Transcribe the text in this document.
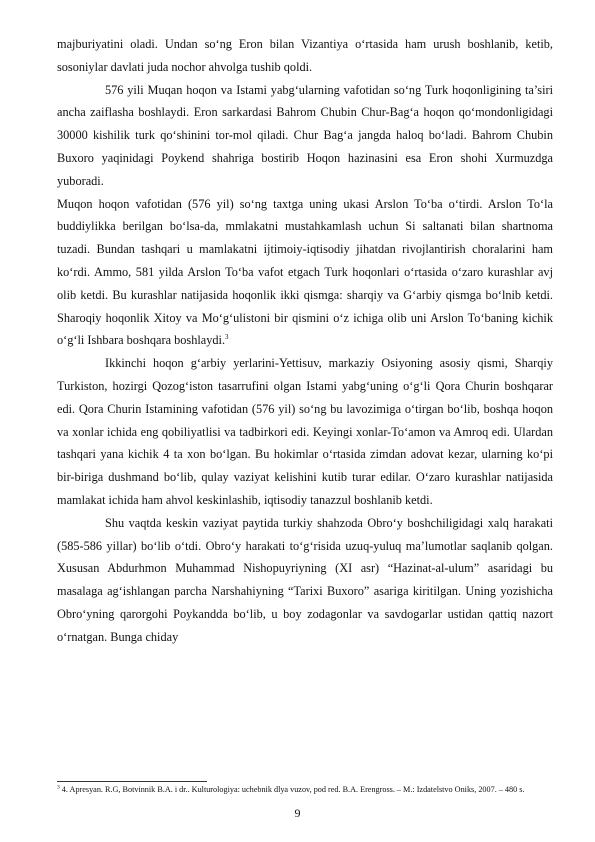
majburiyatini oladi. Undan so‘ng Eron bilan Vizantiya o‘rtasida ham urush boshlanib, ketib, sosoniylar davlati juda nochor ahvolga tushib qoldi.

576 yili Muqan hoqon va Istami yabg‘ularning vafotidan so‘ng Turk hoqonligining ta’siri ancha zaiflasha boshlaydi. Eron sarkardasi Bahrom Chubin Chur-Bag‘a hoqon qo‘mondonligidagi 30000 kishilik turk qo‘shinini tor-mol qiladi. Chur Bag‘a jangda haloq bo‘ladi. Bahrom Chubin Buxoro yaqinidagi Poykend shahriga bostirib Hoqon hazinasini esa Eron shohi Xurmuzdga yuboradi.

Muqon hoqon vafotidan (576 yil) so‘ng taxtga uning ukasi Arslon To‘ba o‘tirdi. Arslon To‘la buddiylikka berilgan bo‘lsa-da, mmlakatni mustahkamlash uchun Si saltanati bilan shartnoma tuzadi. Bundan tashqari u mamlakatni ijtimoiy-iqtisodiy jihatdan rivojlantirish choralarini ham ko‘rdi. Ammo, 581 yilda Arslon To‘ba vafot etgach Turk hoqonlari o‘rtasida o‘zaro kurashlar avj olib ketdi. Bu kurashlar natijasida hoqonlik ikki qismga: sharqiy va G‘arbiy qismga bo‘lnib ketdi. Sharoqiy hoqonlik Xitoy va Mo‘g‘ulistoni bir qismini o‘z ichiga olib uni Arslon To‘baning kichik o‘g‘li Ishbara boshqara boshlaydi.$^3$

Ikkinchi hoqon g‘arbiy yerlarini-Yettisuv, markaziy Osiyoning asosiy qismi, Sharqiy Turkiston, hozirgi Qozog‘iston tasarrufini olgan Istami yabg‘uning o‘g‘li Qora Churin boshqarar edi. Qora Churin Istamining vafotidan (576 yil) so‘ng bu lavozimiga o‘tirgan bo‘lib, boshqa hoqon va xonlar ichida eng qobiliyatlisi va tadbirkori edi. Keyingi xonlar-To‘amon va Amroq edi. Ulardan tashqari yana kichik 4 ta xon bo‘lgan. Bu hokimlar o‘rtasida zimdan adovat kezar, ularning ko‘pi bir-biriga dushmand bo‘lib, qulay vaziyat kelishini kutib turar edilar. O‘zaro kurashlar natijasida mamlakat ichida ham ahvol keskinlashib, iqtisodiy tanazzul boshlanib ketdi.

Shu vaqtda keskin vaziyat paytida turkiy shahzoda Obro‘y boshchiligidagi xalq harakati (585-586 yillar) bo‘lib o‘tdi. Obro‘y harakati to‘g‘risida uzuq-yuluq ma’lumotlar saqlanib qolgan. Xususan Abdurhmon Muhammad Nishopuyriyning (XI asr) “Hazinat-al-ulum” asaridagi bu masalaga ag‘ishlangan parcha Narshahiyning “Tarixi Buxoro” asariga kiritilgan. Uning yozishicha Obro‘yning qarorgohi Poykandda bo‘lib, u boy zodagonlar va savdogarlar ustidan qattiq nazort o‘rnatgan. Bunga chiday

$^3$ 4. Apresyan. R.G, Botvinnik B.A. i dr.. Kulturologiya: uchebnik dlya vuzov, pod red. B.A. Erengross. – M.: Izdatelstvo Oniks, 2007. – 480 s.
9
